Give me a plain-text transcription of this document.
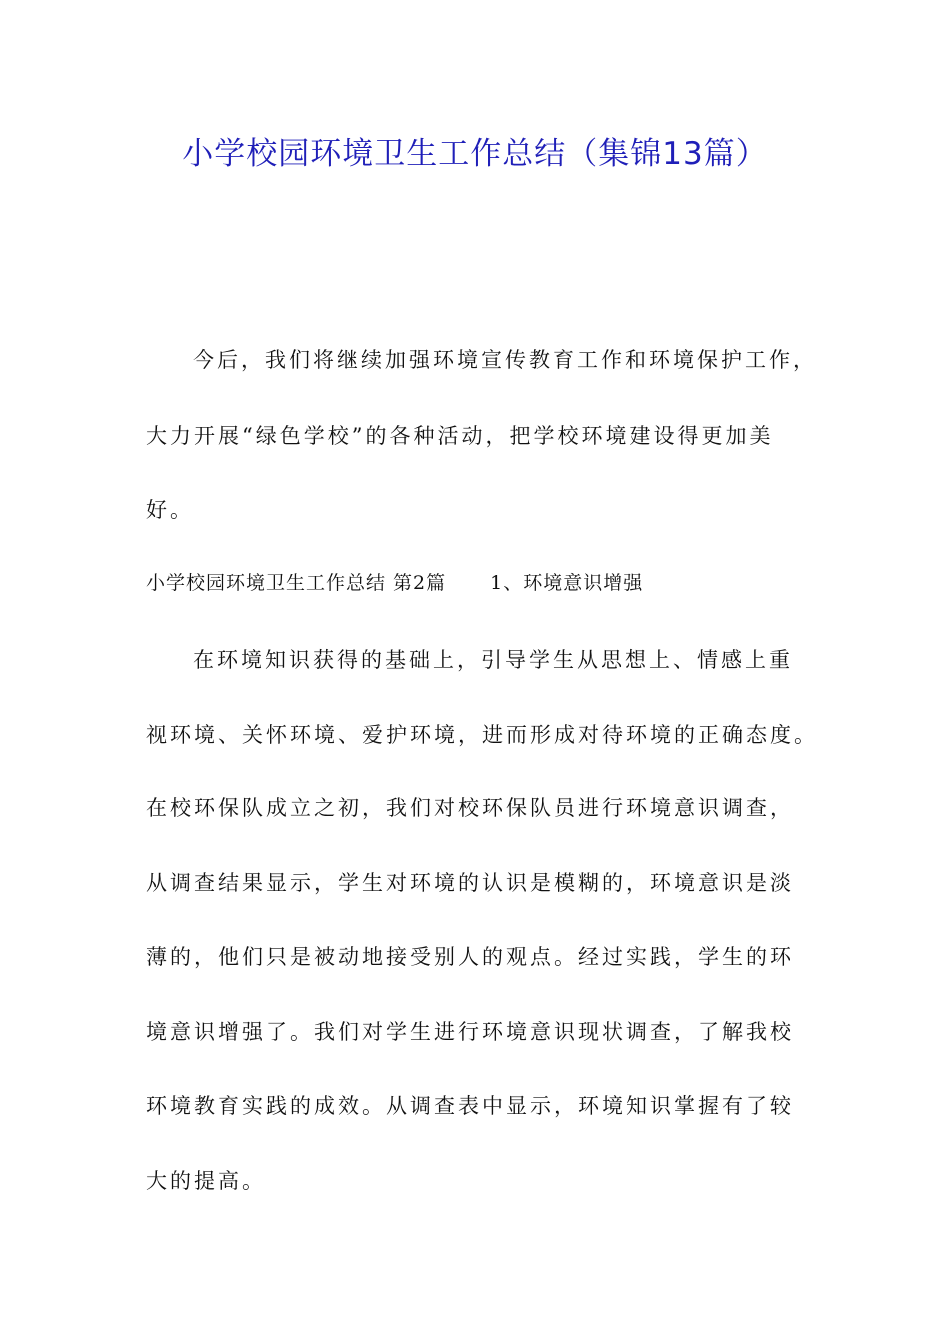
小学校园环境卫生工作总结（集锦13篇）
今后，我们将继续加强环境宣传教育工作和环境保护工作，
大力开展“绿色学校”的各种活动，把学校环境建设得更加美
好。
小学校园环境卫生工作总结 第2篇 1、环境意识增强
在环境知识获得的基础上，引导学生从思想上、情感上重
视环境、关怀环境、爱护环境，进而形成对待环境的正确态度。
在校环保队成立之初，我们对校环保队员进行环境意识调查，
从调查结果显示，学生对环境的认识是模糊的，环境意识是淡
薄的，他们只是被动地接受别人的观点。经过实践，学生的环
境意识增强了。我们对学生进行环境意识现状调查，了解我校
环境教育实践的成效。从调查表中显示，环境知识掌握有了较
大的提高。
